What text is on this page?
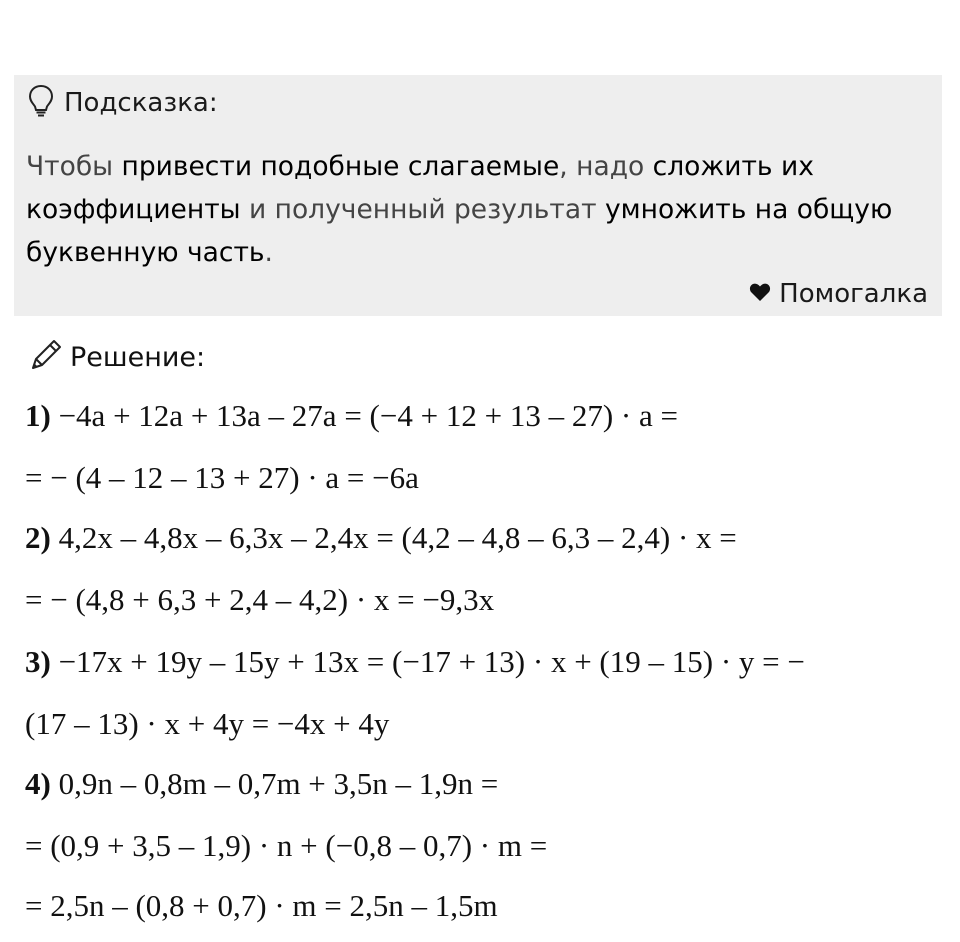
Подсказка:
Чтобы привести подобные слагаемые, надо сложить их
коэффициенты и полученный результат умножить на общую
буквенную часть.
Помогалка
Решение:
1) −4a + 12a + 13a – 27a = (−4 + 12 + 13 – 27) · a =
= − (4 – 12 – 13 + 27) · a = −6a
2) 4,2x – 4,8x – 6,3x – 2,4x = (4,2 – 4,8 – 6,3 – 2,4) · x =
= − (4,8 + 6,3 + 2,4 – 4,2) · x = −9,3x
3) −17x + 19y – 15y + 13x = (−17 + 13) · x + (19 – 15) · y = −
(17 – 13) · x + 4y = −4x + 4y
4) 0,9n – 0,8m – 0,7m + 3,5n – 1,9n =
= (0,9 + 3,5 – 1,9) · n + (−0,8 – 0,7) · m =
= 2,5n – (0,8 + 0,7) · m = 2,5n – 1,5m
